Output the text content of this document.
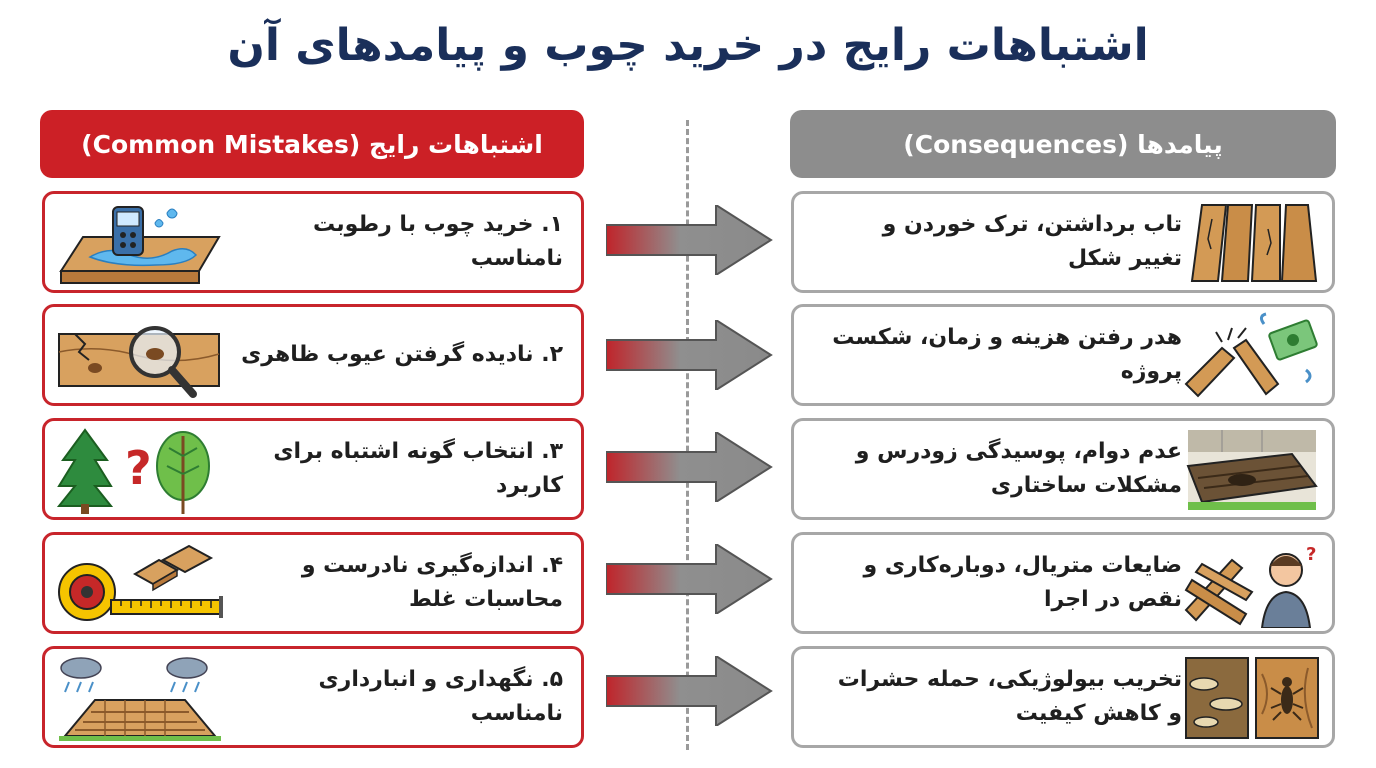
اشتباهات رایج در خرید چوب و پیامدهای آن
اشتباهات رایج (Common Mistakes)	پیامدها (Consequences)
۱. خرید چوب با رطوبت نامناسب
تاب برداشتن، ترک خوردن و تغییر شکل
۲. نادیده گرفتن عیوب ظاهری
هدر رفتن هزینه و زمان، شکست پروژه
۳. انتخاب گونه اشتباه برای کاربرد
?	عدم دوام، پوسیدگی زودرس و مشکلات ساختاری
۴. اندازه‌گیری نادرست و محاسبات غلط
ضایعات متریال، دوباره‌کاری و نقص در اجرا
?
۵. نگهداری و انبارداری نامناسب
تخریب بیولوژیکی، حمله حشرات و کاهش کیفیت
